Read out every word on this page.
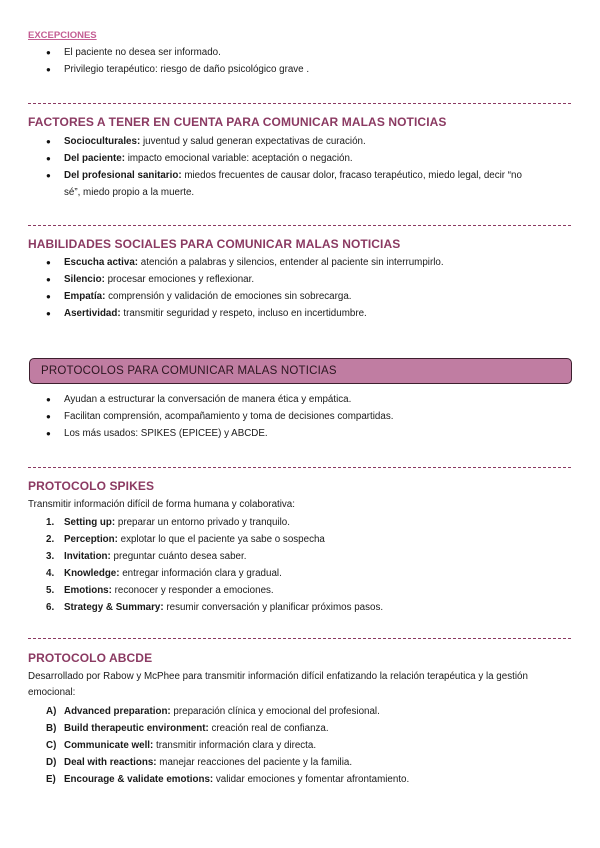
EXCEPCIONES
● El paciente no desea ser informado.
● Privilegio terapéutico: riesgo de daño psicológico grave .
FACTORES A TENER EN CUENTA PARA COMUNICAR MALAS NOTICIAS
● Socioculturales: juventud y salud generan expectativas de curación.
● Del paciente: impacto emocional variable: aceptación o negación.
● Del profesional sanitario: miedos frecuentes de causar dolor, fracaso terapéutico, miedo legal, decir “no sé”, miedo propio a la muerte.
HABILIDADES SOCIALES PARA COMUNICAR MALAS NOTICIAS
● Escucha activa: atención a palabras y silencios, entender al paciente sin interrumpirlo.
● Silencio: procesar emociones y reflexionar.
● Empatía: comprensión y validación de emociones sin sobrecarga.
● Asertividad: transmitir seguridad y respeto, incluso en incertidumbre.
PROTOCOLOS PARA COMUNICAR MALAS NOTICIAS
● Ayudan a estructurar la conversación de manera ética y empática.
● Facilitan comprensión, acompañamiento y toma de decisiones compartidas.
● Los más usados: SPIKES (EPICEE) y ABCDE.
PROTOCOLO SPIKES
Transmitir información difícil de forma humana y colaborativa:
1. Setting up: preparar un entorno privado y tranquilo.
2. Perception: explotar lo que el paciente ya sabe o sospecha
3. Invitation: preguntar cuánto desea saber.
4. Knowledge: entregar información clara y gradual.
5. Emotions: reconocer y responder a emociones.
6. Strategy & Summary: resumir conversación y planificar próximos pasos.
PROTOCOLO ABCDE
Desarrollado por Rabow y McPhee para transmitir información difícil enfatizando la relación terapéutica y la gestión emocional:
A) Advanced preparation: preparación clínica y emocional del profesional.
B) Build therapeutic environment: creación real de confianza.
C) Communicate well: transmitir información clara y directa.
D) Deal with reactions: manejar reacciones del paciente y la familia.
E) Encourage & validate emotions: validar emociones y fomentar afrontamiento.
